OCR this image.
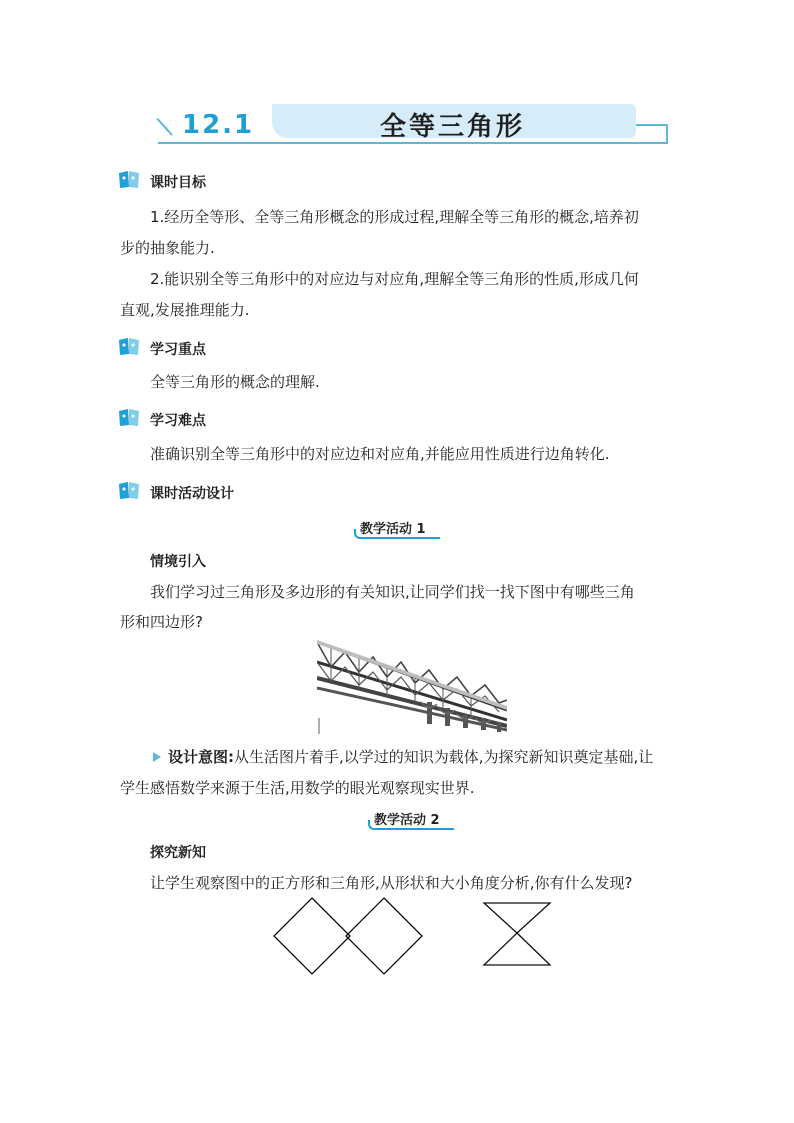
12.1	全等三角形
课时目标
1.经历全等形、全等三角形概念的形成过程,理解全等三角形的概念,培养初
步的抽象能力.
2.能识别全等三角形中的对应边与对应角,理解全等三角形的性质,形成几何
直观,发展推理能力.
学习重点
全等三角形的概念的理解.
学习难点
准确识别全等三角形中的对应边和对应角,并能应用性质进行边角转化.
课时活动设计
教学活动 1
情境引入
我们学习过三角形及多边形的有关知识,让同学们找一找下图中有哪些三角
形和四边形?
设计意图:从生活图片着手,以学过的知识为载体,为探究新知识奠定基础,让
学生感悟数学来源于生活,用数学的眼光观察现实世界.
教学活动 2
探究新知
让学生观察图中的正方形和三角形,从形状和大小角度分析,你有什么发现?
